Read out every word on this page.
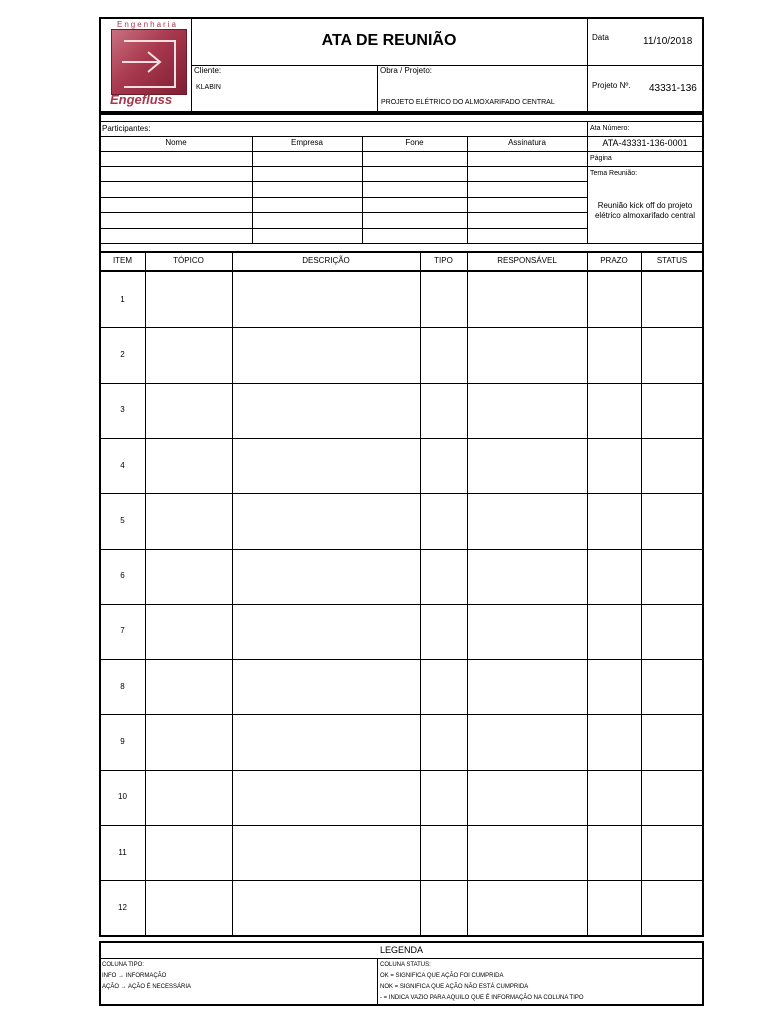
Engenharia
Engefluss
ATA DE REUNIÃO	Data	11/10/2018
Cliente:
KLABIN
Obra / Projeto:
PROJETO ELÉTRICO DO ALMOXARIFADO CENTRAL
Projeto Nº. 43331-136
Participantes:
Nome	Empresa	Fone	Assinatura
Ata Número:
ATA-43331-136-0001
Página
Tema Reunião:
Reunião kick off do projeto
elétrico almoxarifado central
ITEM	TÓPICO	DESCRIÇÃO	TIPO	RESPONSÁVEL	PRAZO	STATUS
1
2
3
4
5
6
7
8
9
10
11
12
LEGENDA
COLUNA TIPO:
INFO → INFORMAÇÃO
AÇÃO → AÇÃO É NECESSÁRIA
COLUNA STATUS:
OK = SIGNIFICA QUE AÇÃO FOI CUMPRIDA
NOK = SIGNIFICA QUE AÇÃO NÃO ESTÁ CUMPRIDA
- = INDICA VAZIO PARA AQUILO QUE É INFORMAÇÃO NA COLUNA TIPO
